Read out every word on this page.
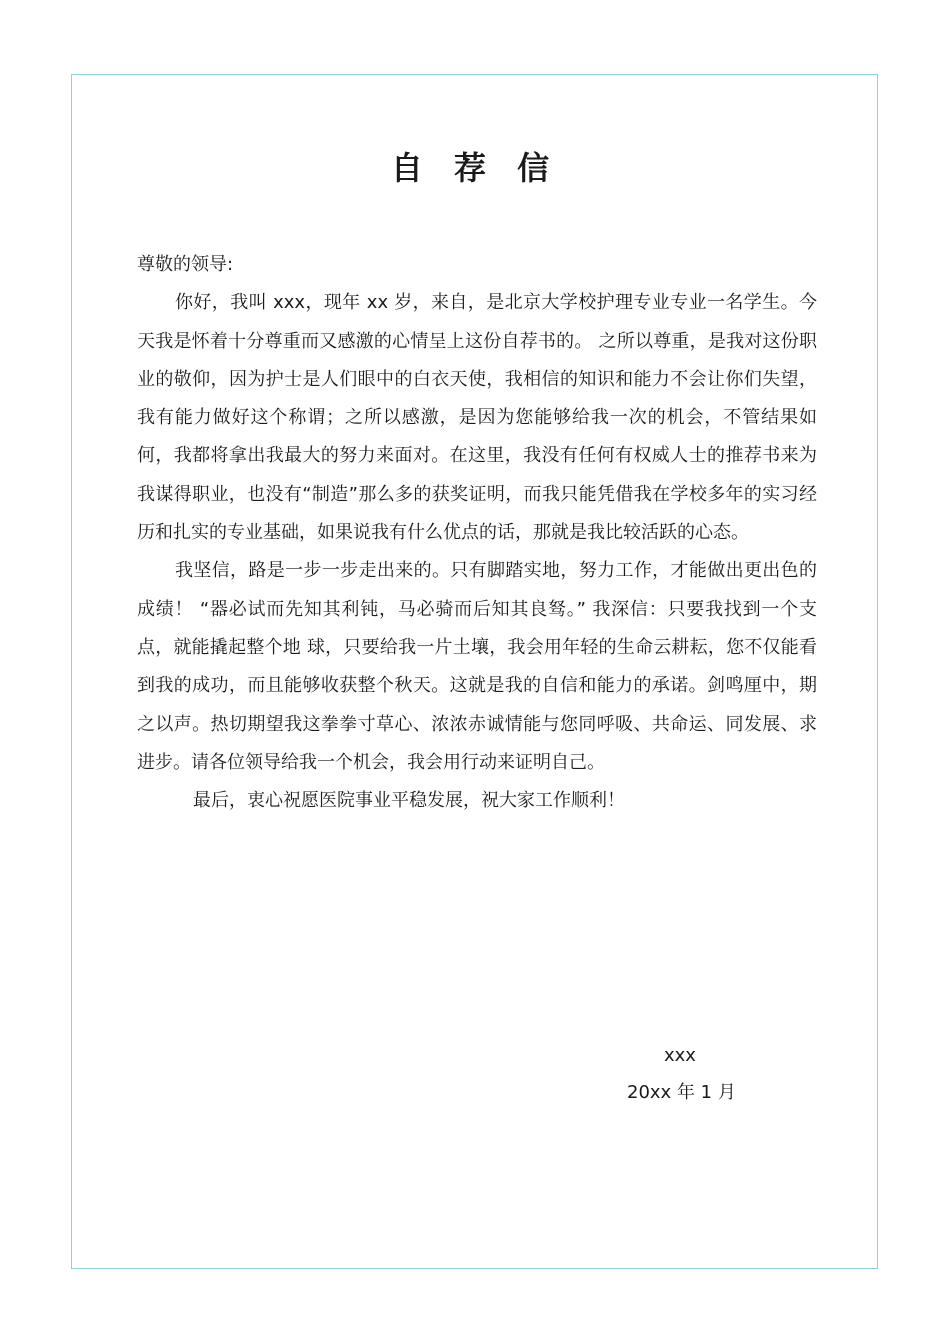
自 荐 信

尊敬的领导:

你好，我叫 xxx，现年 xx 岁，来自，是北京大学校护理专业专业一名学生。今天我是怀着十分尊重而又感激的心情呈上这份自荐书的。 之所以尊重，是我对这份职业的敬仰，因为护士是人们眼中的白衣天使，我相信的知识和能力不会让你们失望，我有能力做好这个称谓；之所以感激，是因为您能够给我一次的机会，不管结果如何，我都将拿出我最大的努力来面对。在这里，我没有任何有权威人士的推荐书来为我谋得职业，也没有“制造”那么多的获奖证明，而我只能凭借我在学校多年的实习经历和扎实的专业基础，如果说我有什么优点的话，那就是我比较活跃的心态。

我坚信，路是一步一步走出来的。只有脚踏实地，努力工作，才能做出更出色的成绩！ “器必试而先知其利钝，马必骑而后知其良驽。” 我深信：只要我找到一个支点，就能撬起整个地 球，只要给我一片土壤，我会用年轻的生命云耕耘，您不仅能看到我的成功，而且能够收获整个秋天。这就是我的自信和能力的承诺。剑鸣厘中，期之以声。热切期望我这拳拳寸草心、浓浓赤诚情能与您同呼吸、共命运、同发展、求进步。请各位领导给我一个机会，我会用行动来证明自己。

最后，衷心祝愿医院事业平稳发展，祝大家工作顺利！

xxx
20xx 年 1 月
